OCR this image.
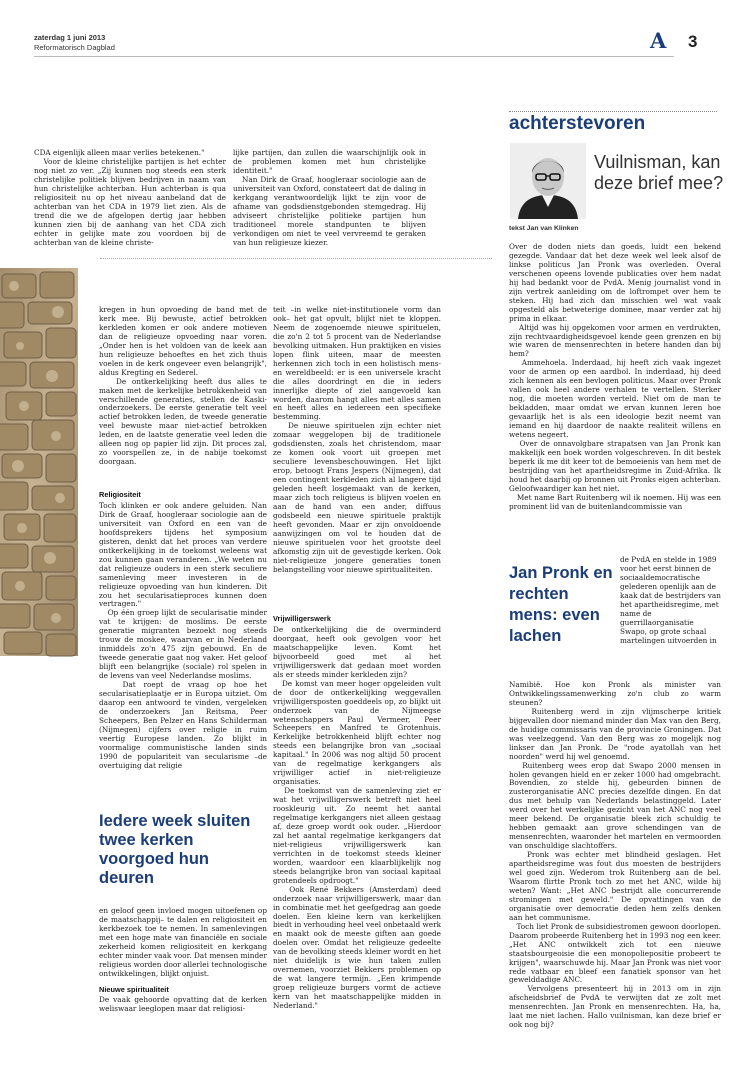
zaterdag 1 juni 2013
Reformatorisch Dagblad	A 3
CDA eigenlijk alleen maar verlies betekenen."
Voor de kleine christelijke partijen is het echter nog niet zo ver. „Zij kunnen nog steeds een sterk christelijke politiek blijven bedrijven in naam van hun christelijke achterban. Hun achterban is qua religiositeit nu op het niveau aanbeland dat de achterban van het CDA in 1979 liet zien. Als de trend die we de afgelopen dertig jaar hebben kunnen zien bij de aanhang van het CDA zich echter in gelijke mate zou voordoen bij de achterban van de kleine christe-
lijke partijen, dan zullen die waarschijnlijk ook in de problemen komen met hun christelijke identiteit."
Nan Dirk de Graaf, hoogleraar sociologie aan de universiteit van Oxford, constateert dat de daling in kerkgang verantwoordelijk lijkt te zijn voor de afname van godsdienstgebonden stemgedrag. Hij adviseert christelijke politieke partijen hun traditioneel morele standpunten te blijven verkondigen om niet te veel vervreemd te geraken van hun religieuze kiezer.
kregen in hun opvoeding de band met de kerk mee. Bij bewuste, actief betrokken kerkleden komen er ook andere motieven dan de religieuze opvoeding naar voren. „Onder hen is het voldoen van de keek aan hun religieuze behoeftes en het zich thuis voelen in de kerk ongeveer even belangrijk", aldus Kregting en Sederel.
De ontkerkelijking heeft dus alles te maken met de kerkelijke betrokkenheid van verschillende generaties, stellen de Kaski-onderzoekers. De eerste generatie telt veel actief betrokken leden, de tweede generatie veel bewuste maar niet-actief betrokken leden, en de laatste generatie veel leden die alleen nog op papier lid zijn. Dit proces zal, zo voorspellen ze, in de nabije toekomst doorgaan.
Religiositeit
Toch klinken er ook andere geluiden. Nan Dirk de Graaf, hoogleraar sociologie aan de universiteit van Oxford en een van de hoofdsprekers tijdens het symposium gisteren, denkt dat het proces van verdere ontkerkelijking in de toekomst weleens wat zou kunnen gaan veranderen. „We weten nu dat religieuze ouders in een sterk seculiere samenleving meer investeren in de religieuze opvoeding van hun kinderen. Dit zou het secularisatieproces kunnen doen vertragen."
Op één groep lijkt de secularisatie minder vat te krijgen: de moslims. De eerste generatie migranten bezoekt nog steeds trouw de moskee, waarvan er in Nederland inmiddels zo'n 475 zijn gebouwd. En de tweede generatie gaat nog vaker. Het geloof blijft een belangrijke (sociale) rol spelen in de levens van veel Nederlandse moslims.
Dat roept de vraag op hoe het secularisatieplaatje er in Europa uitziet. Om daarop een antwoord te vinden, vergeleken de onderzoekers Jan Reitsma, Peer Scheepers, Ben Pelzer en Hans Schilderman (Nijmegen) cijfers over religie in ruim veertig Europese landen. Zo blijkt in voormalige communistische landen sinds 1990 de populariteit van secularisme –de overtuiging dat religie
Iedere week sluiten twee kerken voorgoed hun deuren
en geloof geen invloed mogen uitoefenen op de maatschappij– te dalen en religiositeit en kerkbezoek toe te nemen. In samenlevingen met een hoge mate van financiële en sociale zekerheid komen religiositeit en kerkgang echter minder vaak voor. Dat mensen minder religieus worden door allerlei technologische ontwikkelingen, blijkt onjuist.
Nieuwe spiritualiteit
De vaak gehoorde opvatting dat de kerken weliswaar leeglopen maar dat religiosi-
teit –in welke niet-institutionele vorm dan ook– het gat opvult, blijkt niet te kloppen. Neem de zogenoemde nieuwe spirituelen, die zo'n 2 tot 5 procent van de Nederlandse bevolking uitmaken. Hun praktijken en visies lopen flink uiteen, maar de meesten herkennen zich toch in een holistisch mens- en wereldbeeld: er is een universele kracht die alles doordringt en die in ieders innerlijke diepte of ziel aangevoeld kan worden, daarom hangt alles met alles samen en heeft alles en iedereen een specifieke bestemming.
De nieuwe spirituelen zijn echter niet zomaar weggelopen bij de traditionele godsdiensten, zoals het christendom, maar ze komen ook voort uit groepen met seculiere levensbeschouwingen. Het lijkt erop, betoogt Frans Jespers (Nijmegen), dat een contingent kerkleden zich al langere tijd geleden heeft losgemaakt van de kerken, maar zich toch religieus is blijven voelen en aan de hand van een ander, diffuus godsbeeld een nieuwe spirituele praktijk heeft gevonden. Maar er zijn onvoldoende aanwijzingen om vol te houden dat de nieuwe spirituelen voor het grootste deel afkomstig zijn uit de gevestigde kerken. Ook niet-religieuze jongere generaties tonen belangstelling voor nieuwe spiritualiteiten.
Vrijwilligerswerk
De ontkerkelijking die de overminderd doorgaat, heeft ook gevolgen voor het maatschappelijke leven. Komt het bijvoorbeeld goed met al het vrijwilligerswerk dat gedaan moet worden als er steeds minder kerkleden zijn?
De komst van meer hoger opgeleiden vult de door de ontkerkelijking weggevallen vrijwilligersposten goeddeels op, zo blijkt uit onderzoek van de Nijmeegse wetenschappers Paul Vermeer, Peer Scheepers en Manfred te Grotenhuis. Kerkelijke betrokkenheid blijft echter nog steeds een belangrijke bron van „sociaal kapitaal." In 2006 was nog altijd 50 procent van de regelmatige kerkgangers als vrijwilliger actief in niet-religieuze organisaties.
De toekomst van de samenleving ziet er wat het vrijwilligerswerk betreft niet heel rooskleurig uit. Zo neemt het aantal regelmatige kerkgangers niet alleen gestaag af, deze groep wordt ook ouder. „Hierdoor zal het aantal regelmatige kerkgangers dat niet-religieus vrijwilligerswerk kan verrichten in de toekomst steeds kleiner worden, waardoor een klaarblijkelijk nog steeds belangrijke bron van sociaal kapitaal grotendeels opdroogt."
Ook René Bekkers (Amsterdam) deed onderzoek naar vrijwilligerswerk, maar dan in combinatie met het geefgedrag aan goede doelen. Een kleine kern van kerkelijken biedt in verhouding heel veel onbetaald werk en maakt ook de meeste giften aan goede doelen over. Omdat het religieuze gedeelte van de bevolking steeds kleiner wordt en het niet duidelijk is wie hun taken zullen overnemen, voorziet Bekkers problemen op de wat langere termijn. „Een krimpende groep religieuze burgers vormt de actieve kern van het maatschappelijke midden in Nederland."
achterstevoren
Vuilnisman, kan deze brief mee?
tekst Jan van Klinken
Over de doden niets dan goeds, luidt een bekend gezegde. Vandaar dat het deze week wel leek alsof de linkse politicus Jan Pronk was overleden. Overal verschenen opeens lovende publicaties over hem nadat hij had bedankt voor de PvdA. Menig journalist vond in zijn vertrek aanleiding om de loftrompet over hem te steken. Hij had zich dan misschien wel wat vaak opgesteld als betweterige dominee, maar verder zat hij prima in elkaar.
Altijd was hij opgekomen voor armen en verdrukten, zijn rechtvaardigheidsgevoel kende geen grenzen en bij wie waren de mensenrechten in betere handen dan bij hem?
Ammehoela. Inderdaad, hij heeft zich vaak ingezet voor de armen op een aardbol. In inderdaad, hij deed zich kennen als een bevlogen politicus. Maar over Pronk vallen ook heel andere verhalen te vertellen. Sterker nog, die moeten worden verteld. Niet om de man te bekladden, maar omdat we ervan kunnen leren hoe gevaarlijk het is als een ideologie bezit neemt van iemand en hij daardoor de naakte realiteit willens en wetens negeert.
Over de onnavolgbare strapatsen van Jan Pronk kan makkelijk een boek worden volgeschreven. In dit bestek beperk ik me dit keer tot de bemoeienis van hem met de bestrijding van het apartheidsregime in Zuid-Afrika. Ik houd het daarbij op bronnen uit Pronks eigen achterban. Geloofwaardiger kan het niet.
Met name Bart Ruitenberg wil ik noemen. Hij was een prominent lid van de buitenlandcommissie van
Jan Pronk en rechten mens: even lachen
de PvdA en stelde in 1989 voor het eerst binnen de sociaaldemocratische gelederen openlijk aan de kaak dat de bestrijders van het apartheidsregime, met name de guerrillaorganisatie Swapo, op grote schaal martelingen uitvoerden in
Namibië. Hoe kon Pronk als minister van Ontwikkelingssamenwerking zo'n club zo warm steunen?
Ruitenberg werd in zijn vlijmscherpe kritiek bijgevallen door niemand minder dan Max van den Berg, de huidige commissaris van de provincie Groningen. Dat was veelzeggend. Van den Berg was zo mogelijk nog linkser dan Jan Pronk. De "rode ayatollah van het noorden" werd hij wel genoemd.
Ruitenberg wees erop dat Swapo 2000 mensen in holen gevangen hield en er zeker 1000 had omgebracht. Bovendien, zo stelde hij, gebeurden binnen de zusterorganisatie ANC precies dezelfde dingen. En dat dus met behulp van Nederlands belastinggeld. Later werd over het werkelijke gezicht van het ANC nog veel meer bekend. De organisatie bleek zich schuldig te hebben gemaakt aan grove schendingen van de mensenrechten, waaronder het martelen en vermoorden van onschuldige slachtoffers.
Pronk was echter met blindheid geslagen. Het apartheidsregime was fout dus moesten de bestrijders wel goed zijn. Wederom trok Ruitenberg aan de bel. Waarom flirtte Pronk toch zo met het ANC, wilde hij weten? Want: „Het ANC bestrijdt alle concurrerende stromingen met geweld." De opvattingen van de organisatie over democratie deden hem zelfs denken aan het communisme.
Toch liet Pronk de subsidiestromen gewoon doorlopen. Daarom probeerde Ruitenberg het in 1993 nog een keer. „Het ANC ontwikkelt zich tot een nieuwe staatsbourgeoisie die een monopoliepositie probeert te krijgen", waarschuwde hij. Maar Jan Pronk was niet voor rede vatbaar en bleef een fanatiek sponsor van het gewelddadige ANC.
Vervolgens presenteert hij in 2013 om in zijn afscheidsbrief de PvdA te verwijten dat ze zolt met mensenrechten. Jan Pronk en mensenrechten. Ha, ha, laat me niet lachen. Hallo vuilnisman, kan deze brief er ook nog bij?
